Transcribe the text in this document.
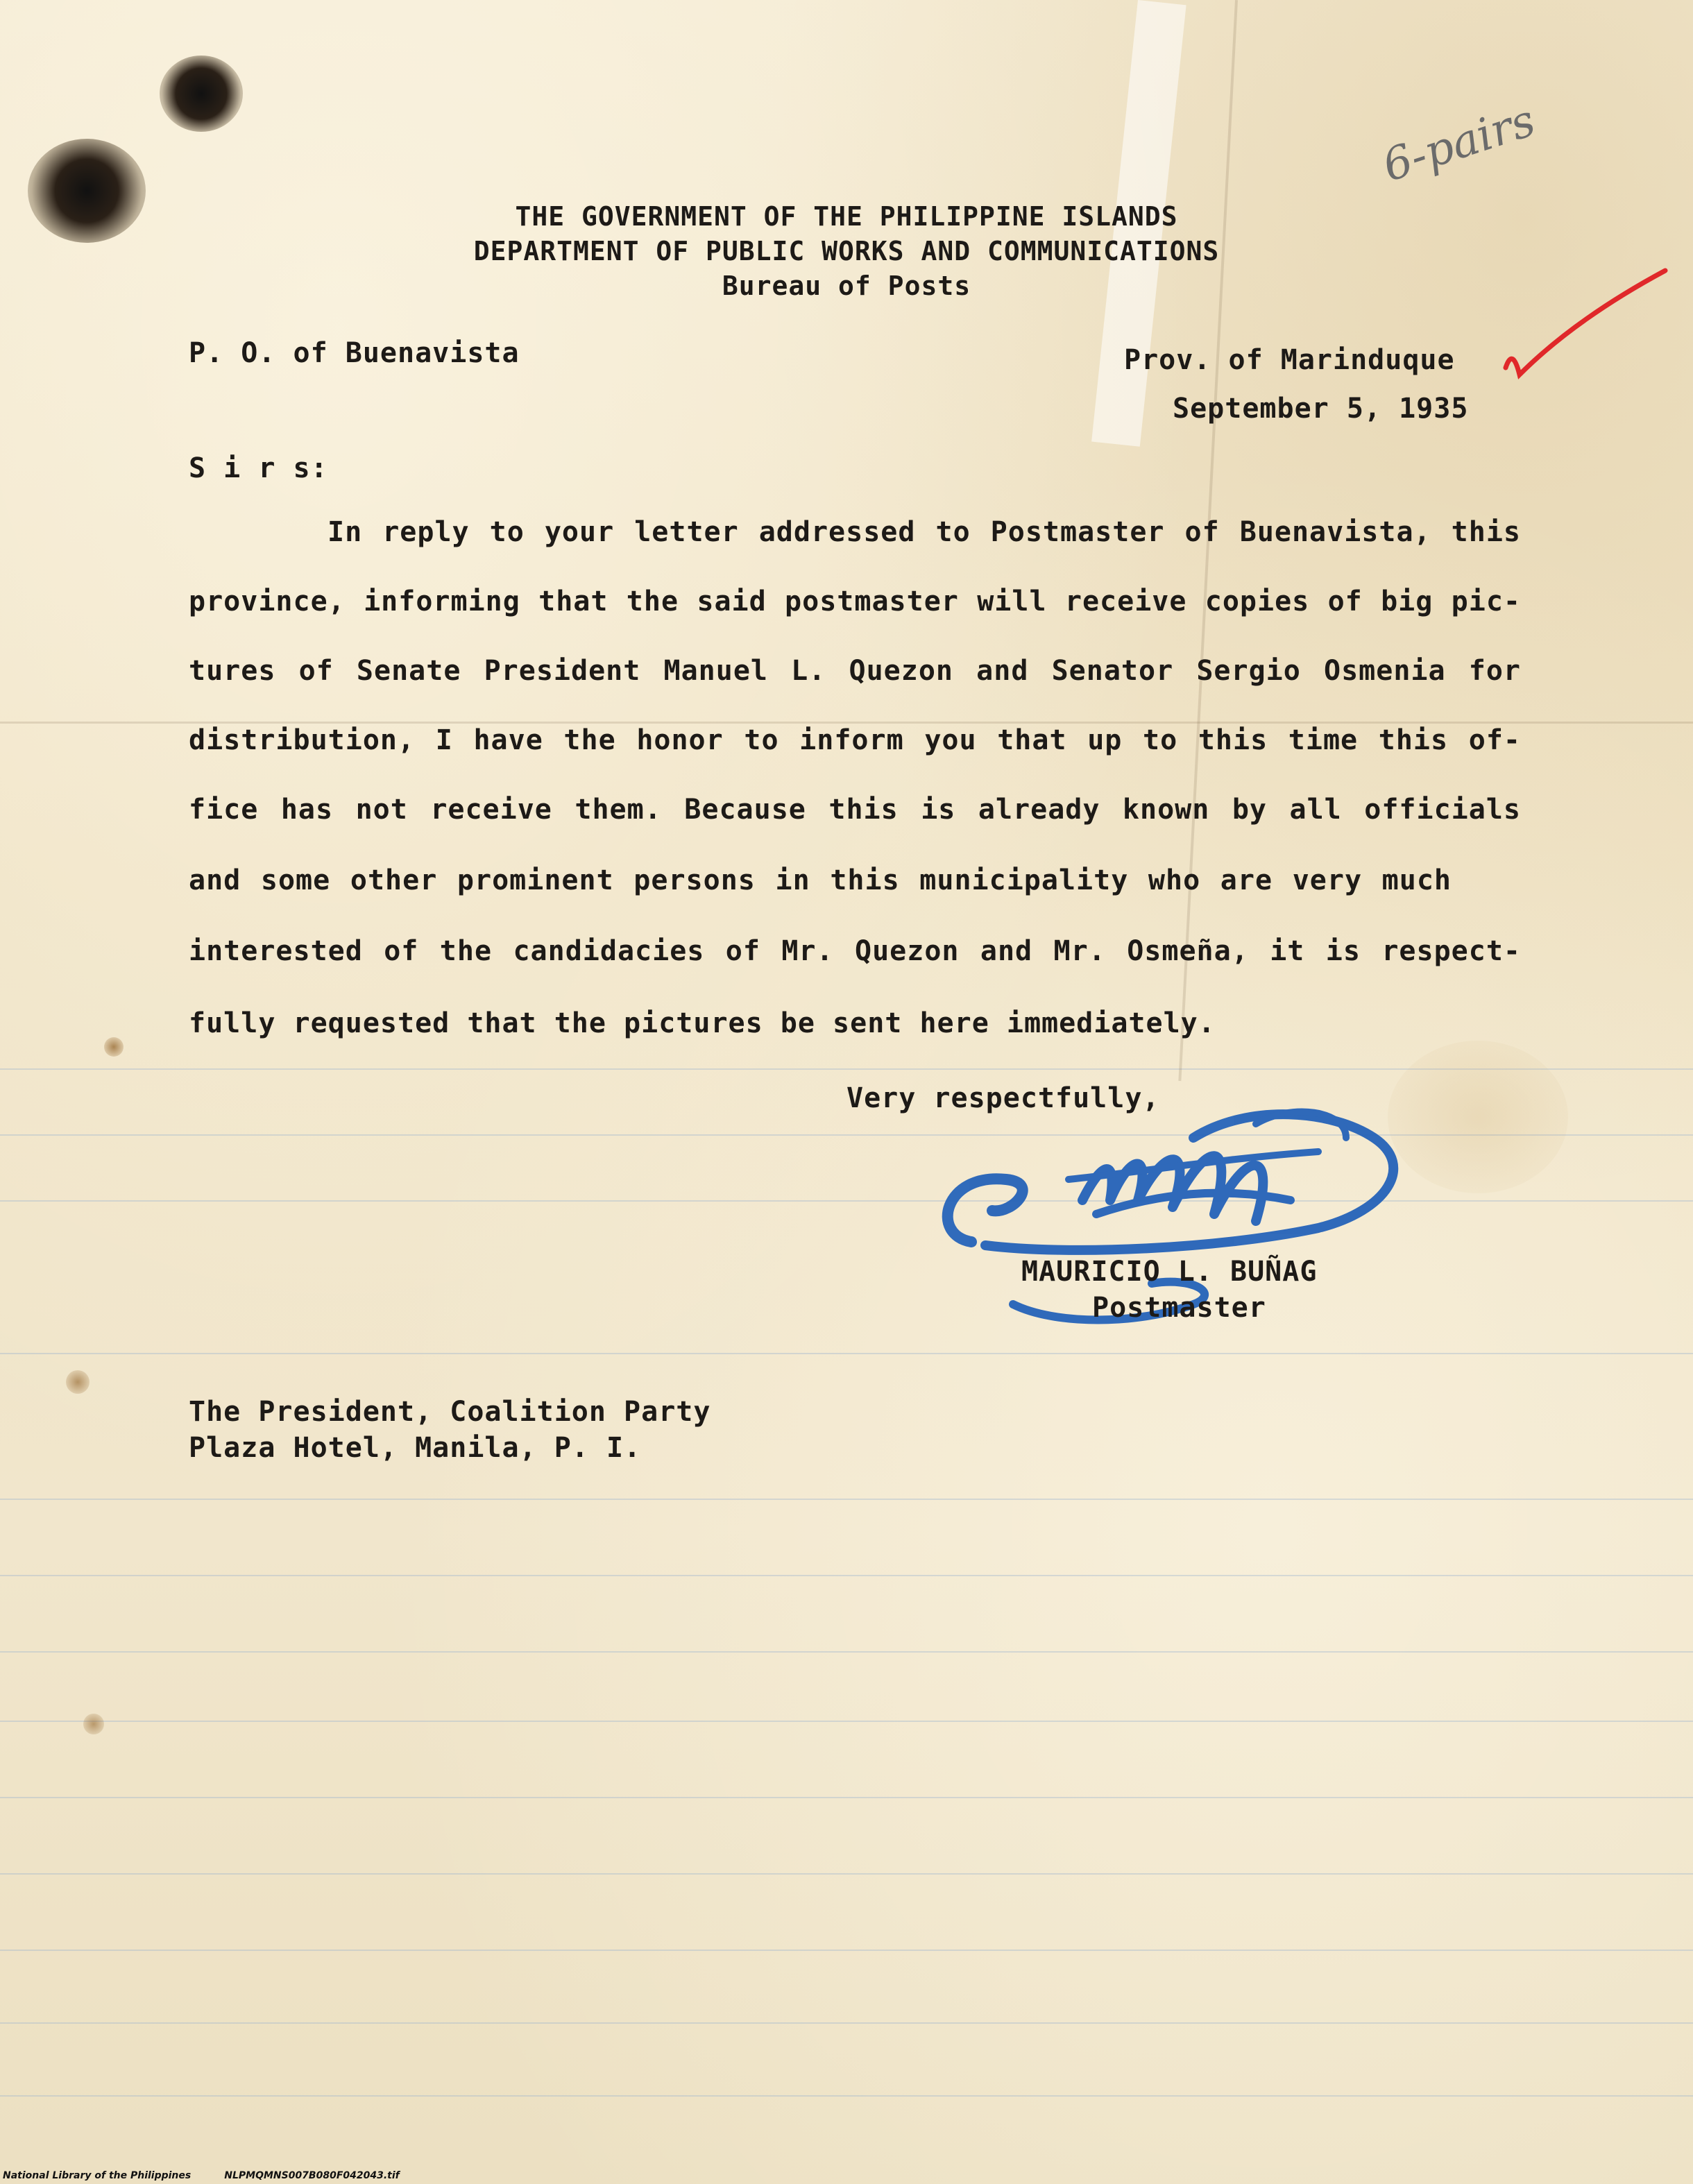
6-pairs
THE GOVERNMENT OF THE PHILIPPINE ISLANDS
DEPARTMENT OF PUBLIC WORKS AND COMMUNICATIONS
Bureau of Posts
P. O. of Buenavista	Prov. of Marinduque
September 5, 1935
S i r s:
In reply to your letter addressed to Postmaster of Buenavista, this
province, informing that the said postmaster will receive copies of big pic-
tures of Senate President Manuel L. Quezon and Senator Sergio Osmenia for
distribution, I have the honor to inform you that up to this time this of-
fice has not receive them. Because this is already known by all officials
and some other prominent persons in this municipality who are very much
interested of the candidacies of Mr. Quezon and Mr. Osmeña, it is respect-
fully requested that the pictures be sent here immediately.
Very respectfully,
MAURICIO L. BUÑAG
Postmaster
The President, Coalition Party
Plaza Hotel, Manila, P. I.
National Library of the Philippines	NLPMQMNS007B080F042043.tif
